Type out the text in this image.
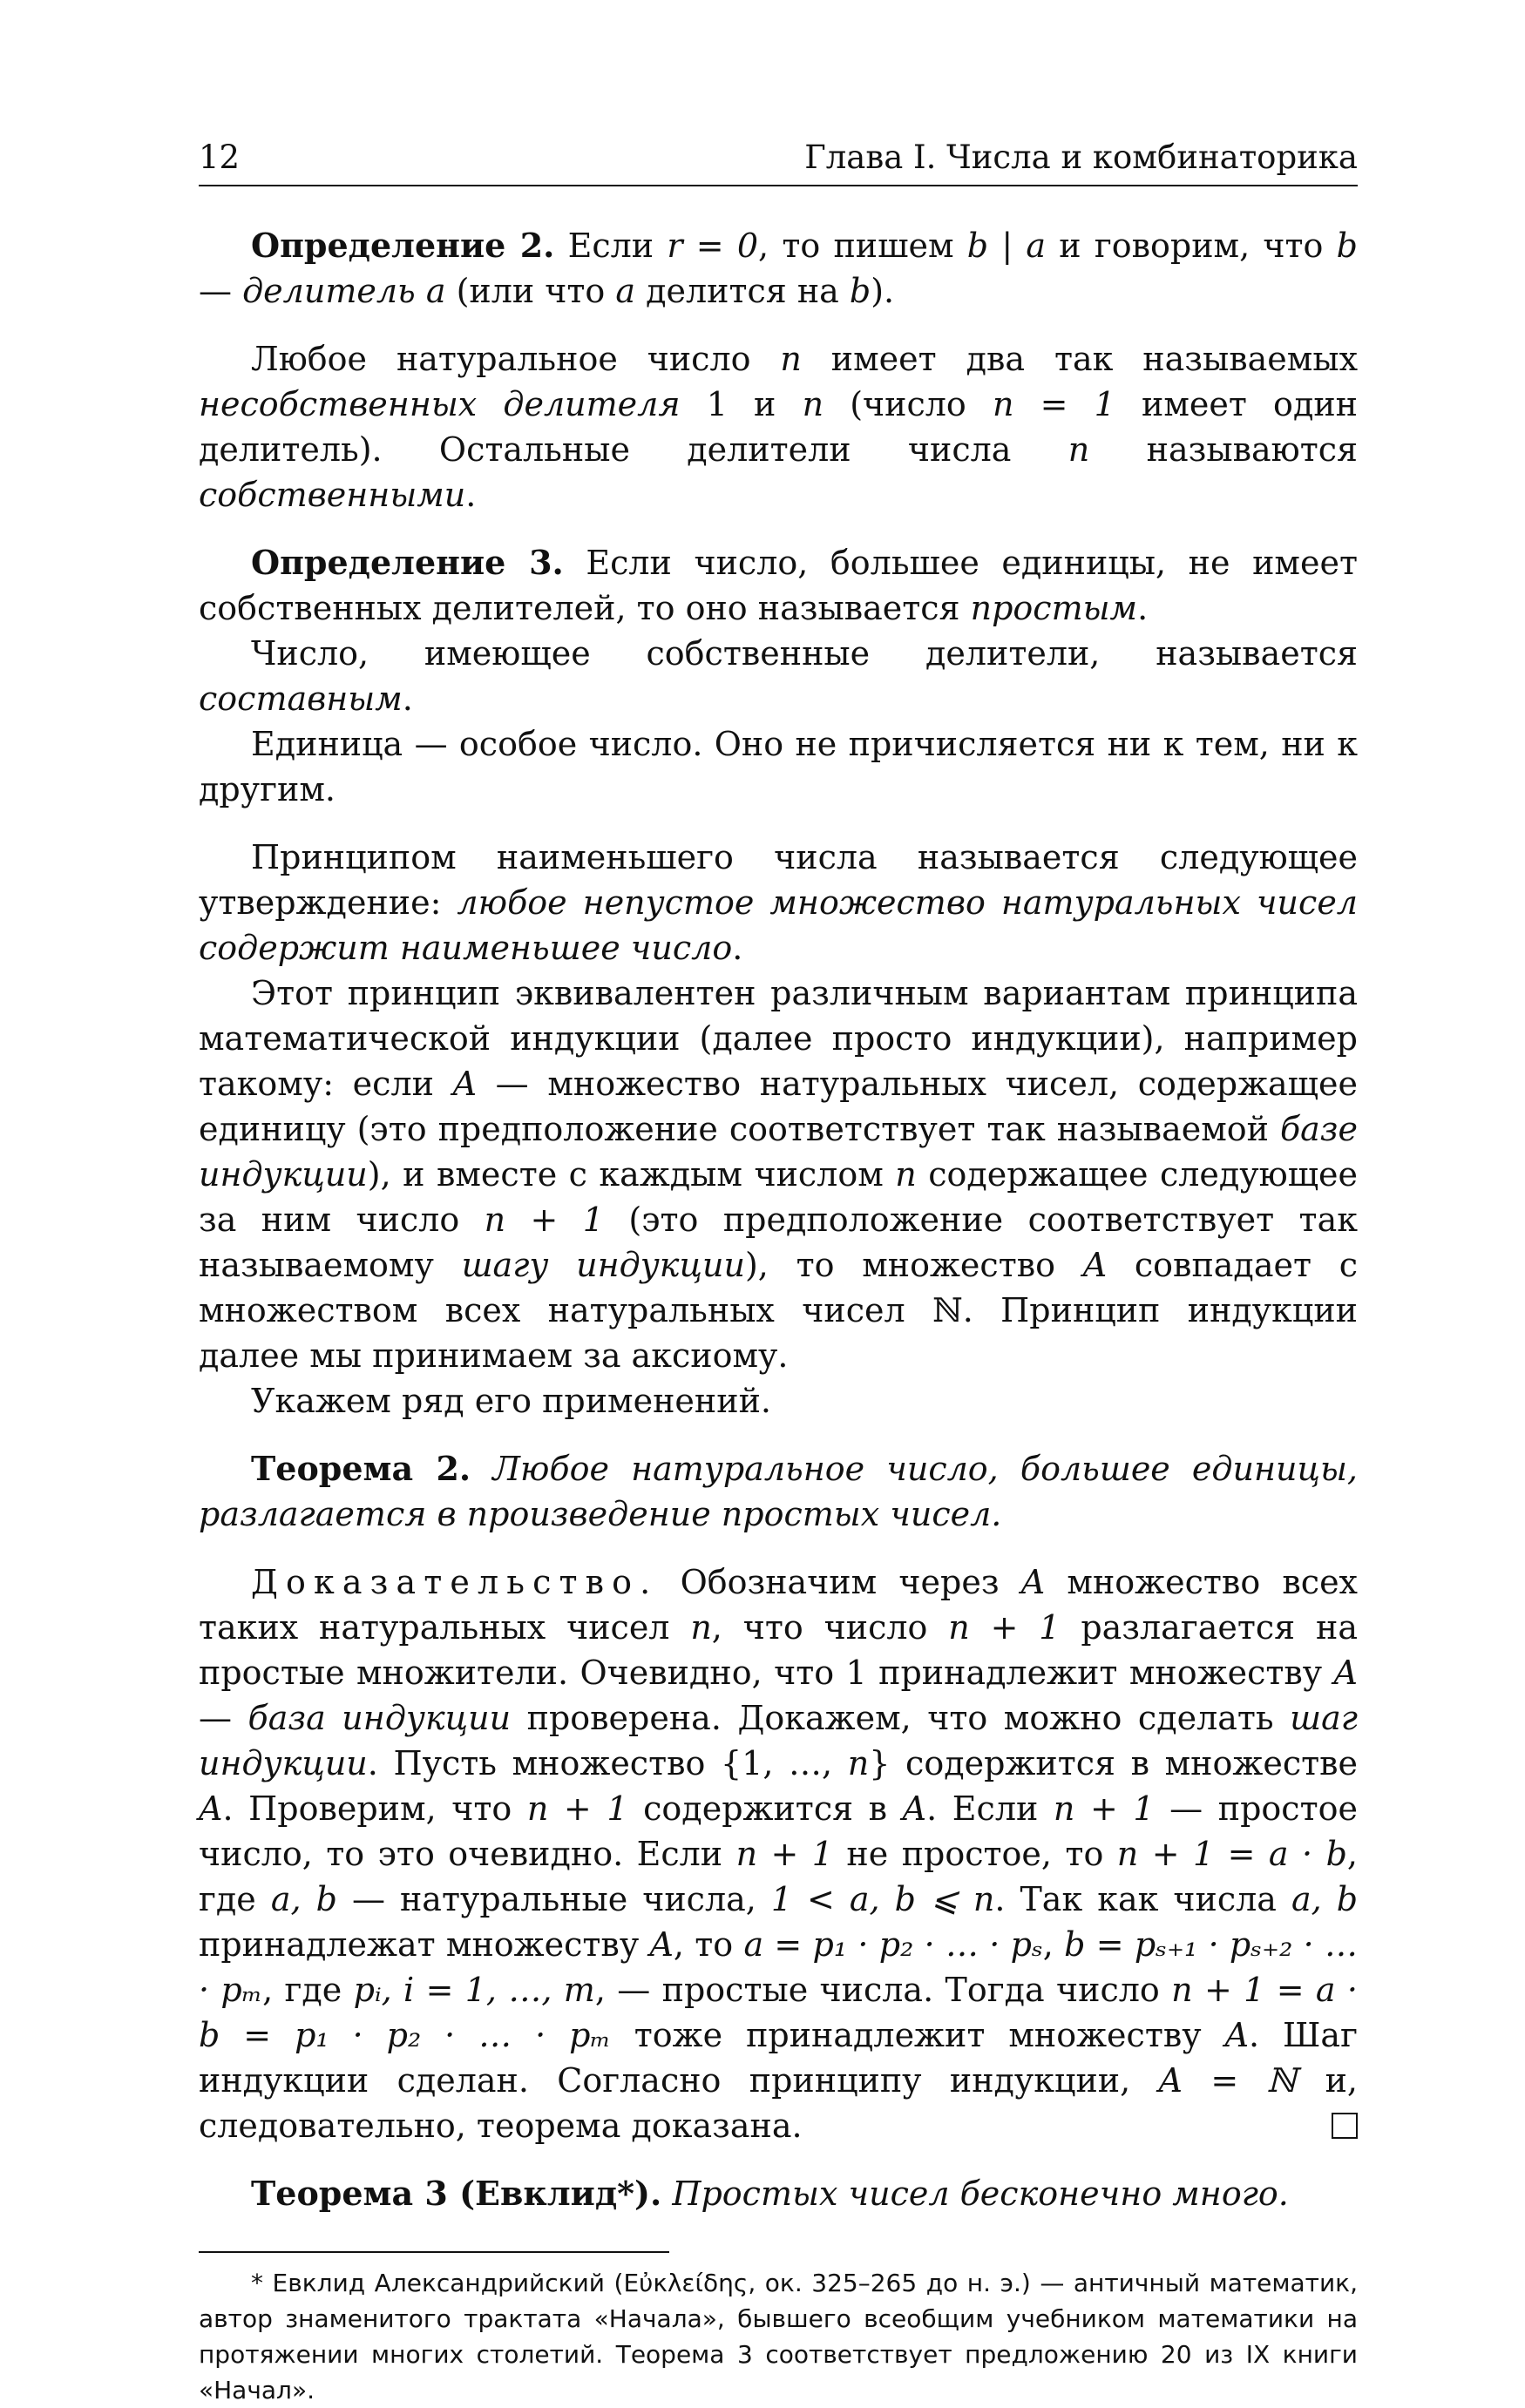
12	Глава I. Числа и комбинаторика

Определение 2. Если r = 0, то пишем b | a и говорим, что b — делитель a (или что a делится на b).

Любое натуральное число n имеет два так называемых несобственных делителя 1 и n (число n = 1 имеет один делитель). Остальные делители числа n называются собственными.

Определение 3. Если число, большее единицы, не имеет собственных делителей, то оно называется простым.

Число, имеющее собственные делители, называется составным.

Единица — особое число. Оно не причисляется ни к тем, ни к другим.

Принципом наименьшего числа называется следующее утверждение: любое непустое множество натуральных чисел содержит наименьшее число.

Этот принцип эквивалентен различным вариантам принципа математической индукции (далее просто индукции), например такому: если A — множество натуральных чисел, содержащее единицу (это предположение соответствует так называемой базе индукции), и вместе с каждым числом n содержащее следующее за ним число n + 1 (это предположение соответствует так называемому шагу индукции), то множество A совпадает с множеством всех натуральных чисел ℕ. Принцип индукции далее мы принимаем за аксиому.

Укажем ряд его применений.

Теорема 2. Любое натуральное число, большее единицы, разлагается в произведение простых чисел.

Доказательство. Обозначим через A множество всех таких натуральных чисел n, что число n + 1 разлагается на простые множители. Очевидно, что 1 принадлежит множеству A — база индукции проверена. Докажем, что можно сделать шаг индукции. Пусть множество {1, …, n} содержится в множестве A. Проверим, что n + 1 содержится в A. Если n + 1 — простое число, то это очевидно. Если n + 1 не простое, то n + 1 = a · b, где a, b — натуральные числа, 1 < a, b ⩽ n. Так как числа a, b принадлежат множеству A, то a = p₁ · p₂ · … · pₛ, b = pₛ₊₁ · pₛ₊₂ · … · pₘ, где pᵢ, i = 1, …, m, — простые числа. Тогда число n + 1 = a · b = p₁ · p₂ · … · pₘ тоже принадлежит множеству A. Шаг индукции сделан. Согласно принципу индукции, A = ℕ и, следовательно, теорема доказана.

Теорема 3 (Евклид*). Простых чисел бесконечно много.

* Евклид Александрийский (Εὐκλείδης, ок. 325–265 до н. э.) — античный математик, автор знаменитого трактата «Начала», бывшего всеобщим учебником математики на протяжении многих столетий. Теорема 3 соответствует предложению 20 из IX книги «Начал».
